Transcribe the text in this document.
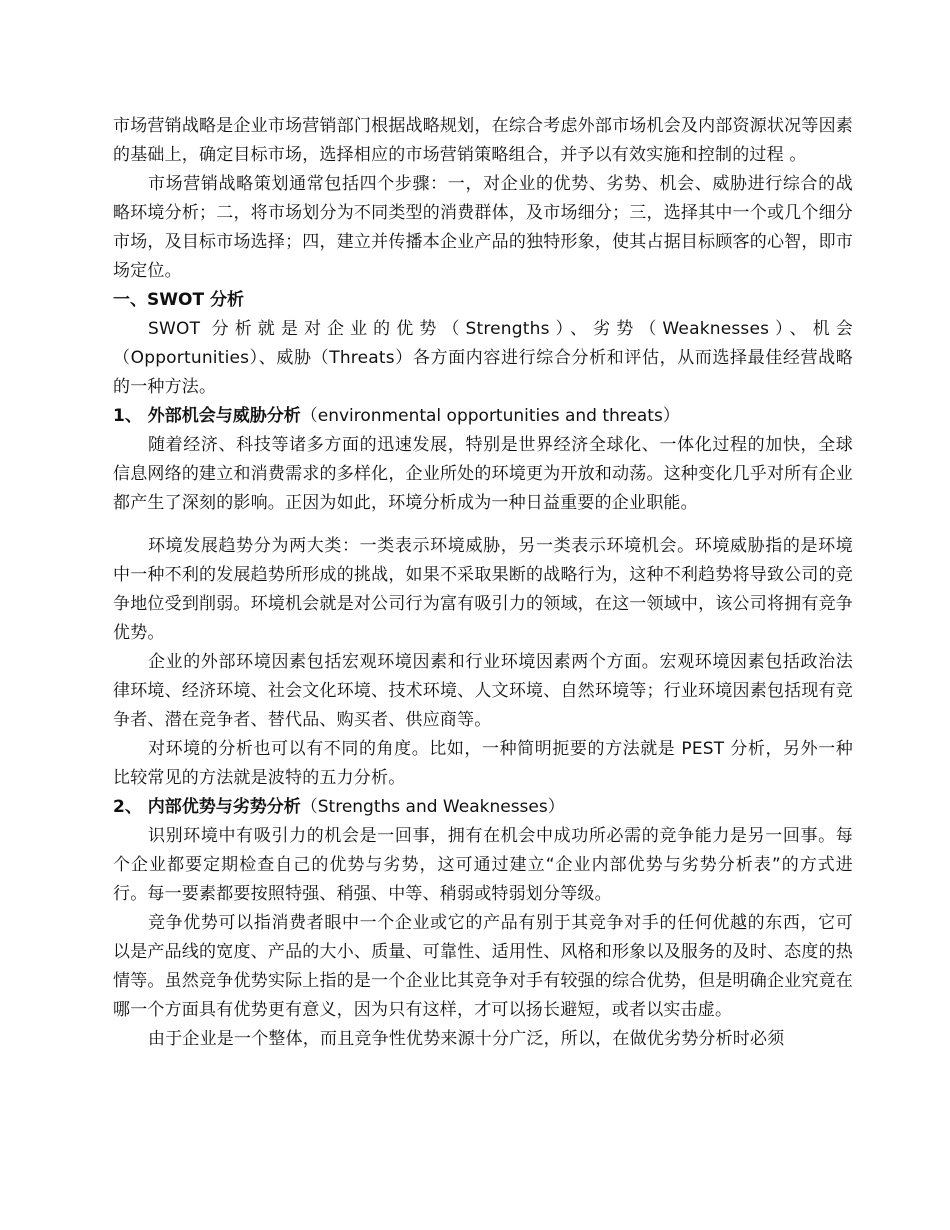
市场营销战略是企业市场营销部门根据战略规划，在综合考虑外部市场机会及内部资源状况等因素的基础上，确定目标市场，选择相应的市场营销策略组合，并予以有效实施和控制的过程 。

市场营销战略策划通常包括四个步骤：一，对企业的优势、劣势、机会、威胁进行综合的战略环境分析；二，将市场划分为不同类型的消费群体，及市场细分；三，选择其中一个或几个细分市场，及目标市场选择；四，建立并传播本企业产品的独特形象，使其占据目标顾客的心智，即市场定位。

一、SWOT 分析

SWOT 分析就是对企业的优势（Strengths）、劣势（Weaknesses）、机会（Opportunities）、威胁（Threats）各方面内容进行综合分析和评估，从而选择最佳经营战略的一种方法。

1、 外部机会与威胁分析（environmental opportunities and threats）

随着经济、科技等诸多方面的迅速发展，特别是世界经济全球化、一体化过程的加快，全球信息网络的建立和消费需求的多样化，企业所处的环境更为开放和动荡。这种变化几乎对所有企业都产生了深刻的影响。正因为如此，环境分析成为一种日益重要的企业职能。

环境发展趋势分为两大类：一类表示环境威胁，另一类表示环境机会。环境威胁指的是环境中一种不利的发展趋势所形成的挑战，如果不采取果断的战略行为，这种不利趋势将导致公司的竞争地位受到削弱。环境机会就是对公司行为富有吸引力的领域，在这一领域中，该公司将拥有竞争优势。

企业的外部环境因素包括宏观环境因素和行业环境因素两个方面。宏观环境因素包括政治法律环境、经济环境、社会文化环境、技术环境、人文环境、自然环境等；行业环境因素包括现有竞争者、潜在竞争者、替代品、购买者、供应商等。

对环境的分析也可以有不同的角度。比如，一种简明扼要的方法就是 PEST 分析，另外一种比较常见的方法就是波特的五力分析。

2、 内部优势与劣势分析（Strengths and Weaknesses）

识别环境中有吸引力的机会是一回事，拥有在机会中成功所必需的竞争能力是另一回事。每个企业都要定期检查自己的优势与劣势，这可通过建立“企业内部优势与劣势分析表”的方式进行。每一要素都要按照特强、稍强、中等、稍弱或特弱划分等级。

竞争优势可以指消费者眼中一个企业或它的产品有别于其竞争对手的任何优越的东西，它可以是产品线的宽度、产品的大小、质量、可靠性、适用性、风格和形象以及服务的及时、态度的热情等。虽然竞争优势实际上指的是一个企业比其竞争对手有较强的综合优势，但是明确企业究竟在哪一个方面具有优势更有意义，因为只有这样，才可以扬长避短，或者以实击虚。

由于企业是一个整体，而且竞争性优势来源十分广泛，所以，在做优劣势分析时必须
